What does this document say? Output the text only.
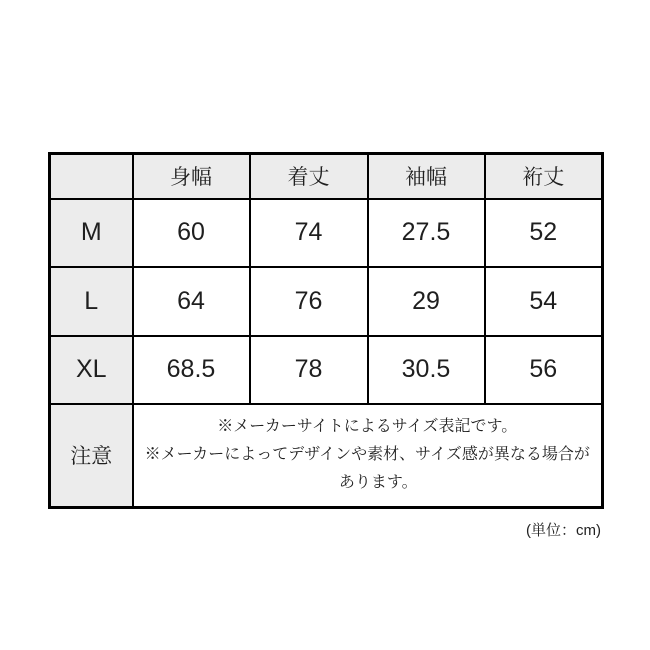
	身幅	着丈	袖幅	裄丈
M	60	74	27.5	52
L	64	76	29	54
XL	68.5	78	30.5	56
注意	※メーカーサイトによるサイズ表記です。
※メーカーによってデザインや素材、サイズ感が異なる場合が
あります。			
(単位：cm)
